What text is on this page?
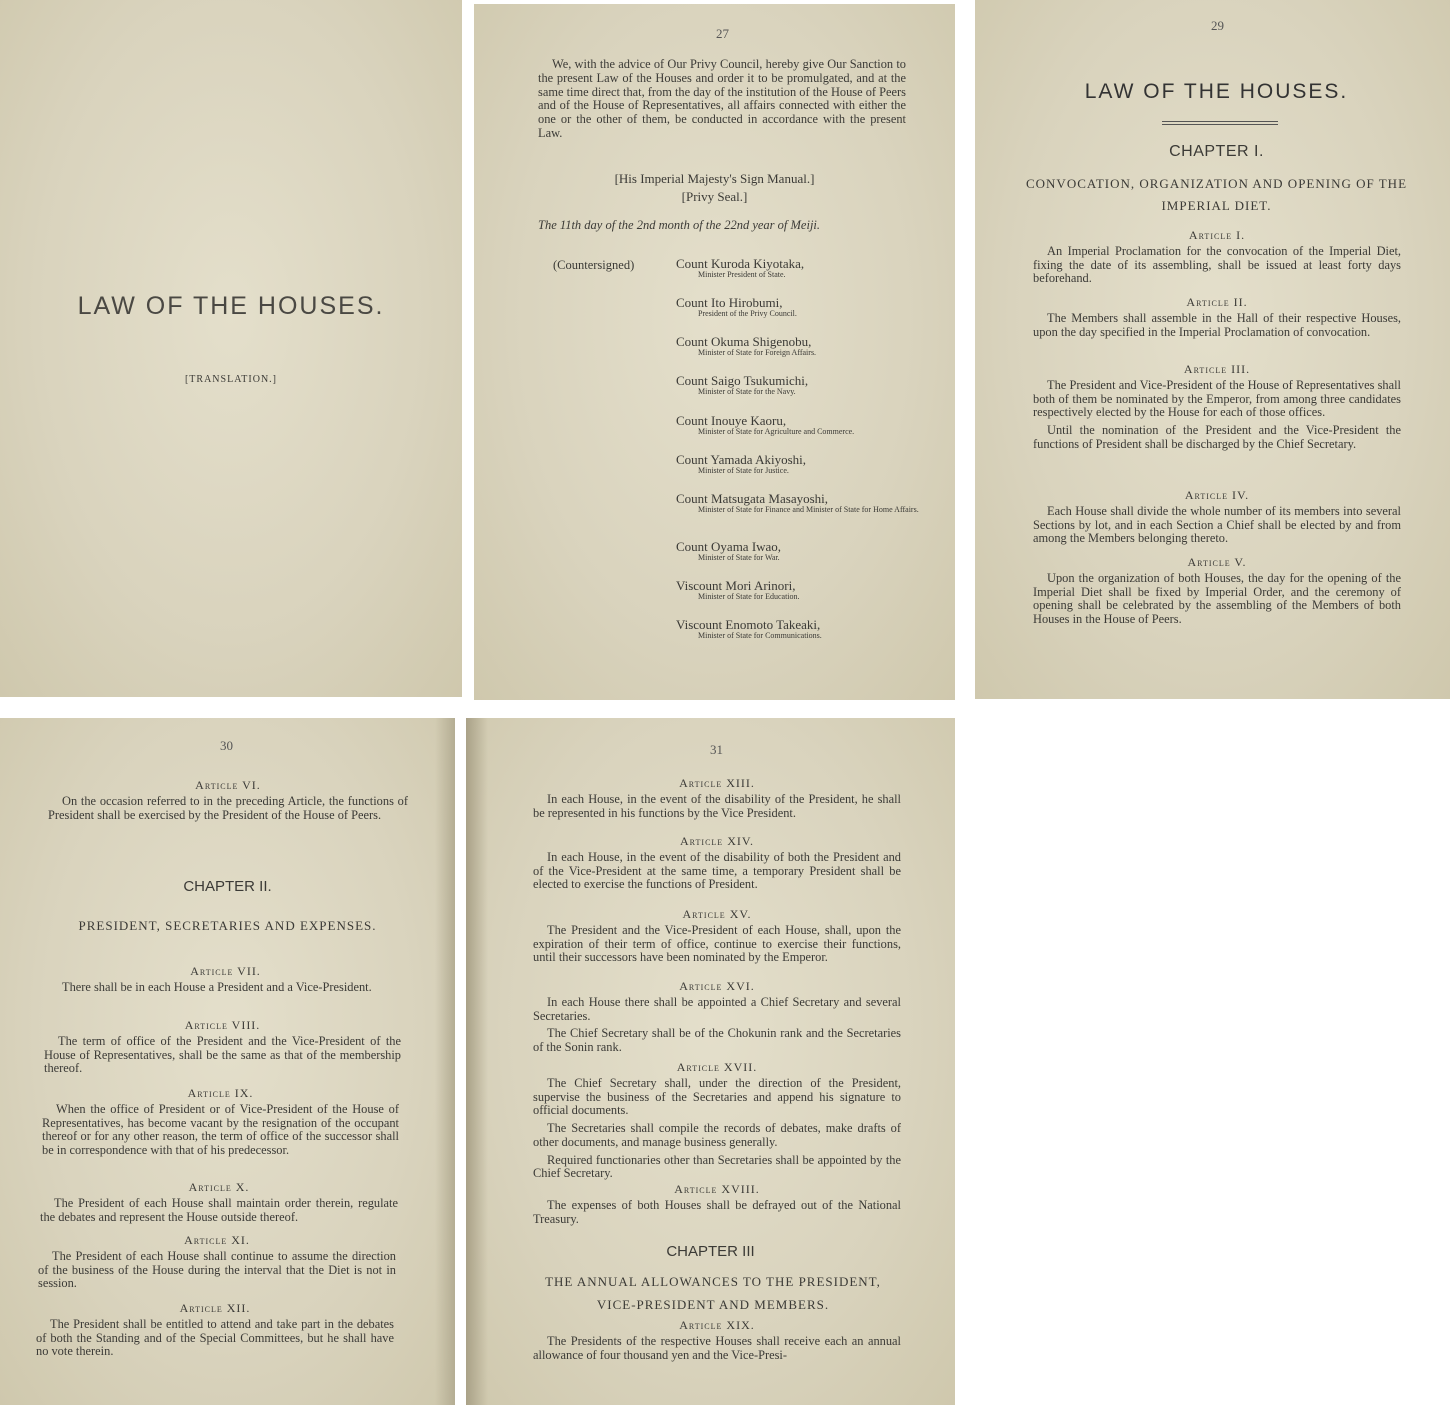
LAW OF THE HOUSES.
[TRANSLATION.]
27
We, with the advice of Our Privy Council, hereby give Our Sanction to the present Law of the Houses and order it to be promulgated, and at the same time direct that, from the day of the institution of the House of Peers and of the House of Representatives, all affairs connected with either the one or the other of them, be conducted in accordance with the present Law.
[His Imperial Majesty's Sign Manual.]
[Privy Seal.]
The 11th day of the 2nd month of the 22nd year of Meiji.
(Countersigned)	Count Kuroda Kiyotaka,
Minister President of State.
Count Ito Hirobumi,
President of the Privy Council.
Count Okuma Shigenobu,
Minister of State for Foreign Affairs.
Count Saigo Tsukumichi,
Minister of State for the Navy.
Count Inouye Kaoru,
Minister of State for Agriculture and Commerce.
Count Yamada Akiyoshi,
Minister of State for Justice.
Count Matsugata Masayoshi,
Minister of State for Finance and Minister of State for Home Affairs.
Count Oyama Iwao,
Minister of State for War.
Viscount Mori Arinori,
Minister of State for Education.
Viscount Enomoto Takeaki,
Minister of State for Communications.
29
LAW OF THE HOUSES.
CHAPTER I.
CONVOCATION, ORGANIZATION AND OPENING OF THE IMPERIAL DIET.
Article I.
An Imperial Proclamation for the convocation of the Imperial Diet, fixing the date of its assembling, shall be issued at least forty days beforehand.
Article II.
The Members shall assemble in the Hall of their respective Houses, upon the day specified in the Imperial Proclamation of convocation.
Article III.
The President and Vice-President of the House of Representatives shall both of them be nominated by the Emperor, from among three candidates respectively elected by the House for each of those offices.
Until the nomination of the President and the Vice-President the functions of President shall be discharged by the Chief Secretary.
Article IV.
Each House shall divide the whole number of its members into several Sections by lot, and in each Section a Chief shall be elected by and from among the Members belonging thereto.
Article V.
Upon the organization of both Houses, the day for the opening of the Imperial Diet shall be fixed by Imperial Order, and the ceremony of opening shall be celebrated by the assembling of the Members of both Houses in the House of Peers.
30
Article VI.
On the occasion referred to in the preceding Article, the functions of President shall be exercised by the President of the House of Peers.
CHAPTER II.
PRESIDENT, SECRETARIES AND EXPENSES.
Article VII.
There shall be in each House a President and a Vice-President.
Article VIII.
The term of office of the President and the Vice-President of the House of Representatives, shall be the same as that of the membership thereof.
Article IX.
When the office of President or of Vice-President of the House of Representatives, has become vacant by the resignation of the occupant thereof or for any other reason, the term of office of the successor shall be in correspondence with that of his predecessor.
Article X.
The President of each House shall maintain order therein, regulate the debates and represent the House outside thereof.
Article XI.
The President of each House shall continue to assume the direction of the business of the House during the interval that the Diet is not in session.
Article XII.
The President shall be entitled to attend and take part in the debates of both the Standing and of the Special Committees, but he shall have no vote therein.
31
Article XIII.
In each House, in the event of the disability of the President, he shall be represented in his functions by the Vice President.
Article XIV.
In each House, in the event of the disability of both the President and of the Vice-President at the same time, a temporary President shall be elected to exercise the functions of President.
Article XV.
The President and the Vice-President of each House, shall, upon the expiration of their term of office, continue to exercise their functions, until their successors have been nominated by the Emperor.
Article XVI.
In each House there shall be appointed a Chief Secretary and several Secretaries.
The Chief Secretary shall be of the Chokunin rank and the Secretaries of the Sonin rank.
Article XVII.
The Chief Secretary shall, under the direction of the President, supervise the business of the Secretaries and append his signature to official documents.
The Secretaries shall compile the records of debates, make drafts of other documents, and manage business generally.
Required functionaries other than Secretaries shall be appointed by the Chief Secretary.
Article XVIII.
The expenses of both Houses shall be defrayed out of the National Treasury.
CHAPTER III
THE ANNUAL ALLOWANCES TO THE PRESIDENT, VICE-PRESIDENT AND MEMBERS.
Article XIX.
The Presidents of the respective Houses shall receive each an annual allowance of four thousand yen and the Vice-Presi-
